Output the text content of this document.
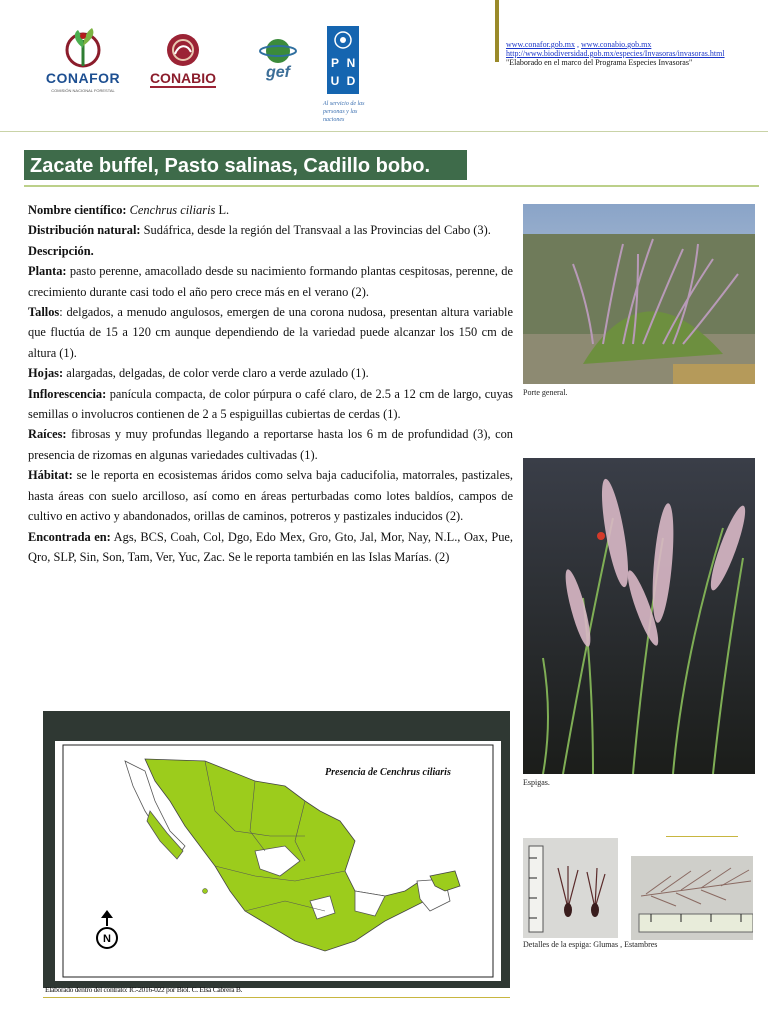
CONAFOR
COMISIÓN NACIONAL FORESTAL
CONABIO	gef
P N
U D
Al servicio de las personas y las naciones
www.conafor.gob.mx , www.conabio.gob.mx
http://www.biodiversidad.gob.mx/especies/Invasoras/invasoras.html
"Elaborado en el marco del Programa Especies Invasoras"
Zacate buffel, Pasto salinas, Cadillo bobo.

Nombre científico: Cenchrus ciliaris L.

Distribución natural: Sudáfrica, desde la región del Transvaal a las Provincias del Cabo (3).

Descripción.

Planta: pasto perenne, amacollado desde su nacimiento formando plantas cespitosas, perenne, de crecimiento durante casi todo el año pero crece más en el verano (2).

Tallos: delgados, a menudo angulosos, emergen de una corona nudosa, presentan altura variable que fluctúa de 15 a 120 cm aunque dependiendo de la variedad puede alcanzar los 150 cm de altura (1).

Hojas: alargadas, delgadas, de color verde claro a verde azulado (1).

Inflorescencia: panícula compacta, de color púrpura o café claro, de 2.5 a 12 cm de largo, cuyas semillas o involucros contienen de 2 a 5 espiguillas cubiertas de cerdas (1).

Raíces: fibrosas y muy profundas llegando a reportarse hasta los 6 m de profundidad (3), con presencia de rizomas en algunas variedades cultivadas (1).

Hábitat: se le reporta en ecosistemas áridos como selva baja caducifolia, matorrales, pastizales, hasta áreas con suelo arcilloso, así como en áreas perturbadas como lotes baldíos, campos de cultivo en activo y abandonados, orillas de caminos, potreros y pastizales inducidos (2).

Encontrada en: Ags, BCS, Coah, Col, Dgo, Edo Mex, Gro, Gto, Jal, Mor, Nay, N.L., Oax, Pue, Qro, SLP, Sin, Son, Tam, Ver, Yuc, Zac. Se le reporta también en las Islas Marías. (2)

Porte general.
Espigas.
Detalles de la espiga: Glumas , Estambres
N
Presencia de Cenchrus ciliaris
Elaborado dentro del contrato: IC-2016-022 por Biol. C. Elsa Cabrera B.
